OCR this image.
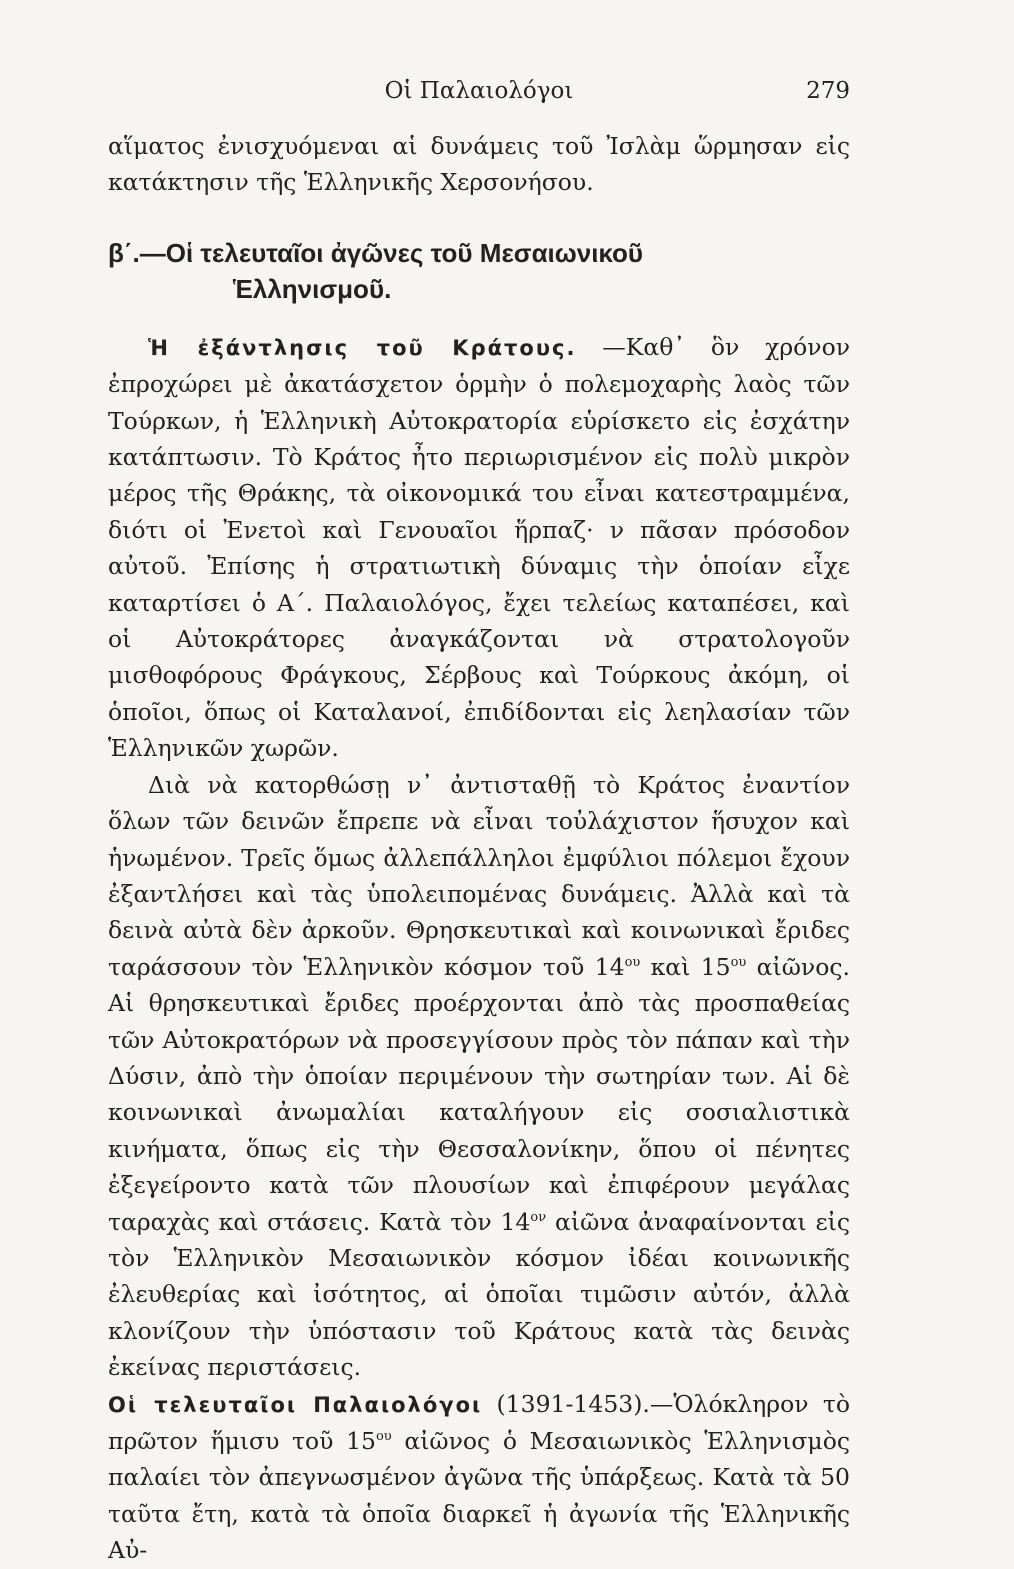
Οἱ Παλαιολόγοι	279

αἵματος ἐνισχυόμεναι αἱ δυνάμεις τοῦ Ἰσλὰμ ὥρμησαν εἰς κατάκτησιν τῆς Ἑλληνικῆς Χερσονήσου.

β΄.—Οἱ τελευταῖοι ἀγῶνες τοῦ Μεσαιωνικοῦ
Ἑλληνισμοῦ.

Ἡ ἐξάντλησις τοῦ Κράτους. —Καθ᾽ ὃν χρόνον ἐπροχώρει μὲ ἀκατάσχετον ὁρμὴν ὁ πολεμοχαρὴς λαὸς τῶν Τούρκων, ἡ Ἑλληνικὴ Αὐτοκρατορία εὑρίσκετο εἰς ἐσχάτην κατάπτωσιν. Τὸ Κράτος ἦτο περιωρισμένον εἰς πολὺ μικρὸν μέρος τῆς Θράκης, τὰ οἰκονομικά του εἶναι κατεστραμμένα, διότι οἱ Ἐνετοὶ καὶ Γενουαῖοι ἥρπαζ· ν πᾶσαν πρόσοδον αὐτοῦ. Ἐπίσης ἡ στρατιωτικὴ δύναμις τὴν ὁποίαν εἶχε καταρτίσει ὁ Α΄. Παλαιολόγος, ἔχει τελείως καταπέσει, καὶ οἱ Αὐτοκράτορες ἀναγκάζονται νὰ στρατολογοῦν μισθοφόρους Φράγκους, Σέρβους καὶ Τούρκους ἀκόμη, οἱ ὁποῖοι, ὅπως οἱ Καταλανοί, ἐπιδίδονται εἰς λεηλασίαν τῶν Ἑλληνικῶν χωρῶν.

Διὰ νὰ κατορθώσῃ ν᾽ ἀντισταθῇ τὸ Κράτος ἐναντίον ὅλων τῶν δεινῶν ἔπρεπε νὰ εἶναι τοὐλάχιστον ἥσυχον καὶ ἡνωμένον. Τρεῖς ὅμως ἀλλεπάλληλοι ἐμφύλιοι πόλεμοι ἔχουν ἐξαντλήσει καὶ τὰς ὑπολειπομένας δυνάμεις. Ἀλλὰ καὶ τὰ δεινὰ αὐτὰ δὲν ἀρκοῦν. Θρησκευτικαὶ καὶ κοινωνικαὶ ἔριδες ταράσσουν τὸν Ἑλληνικὸν κόσμον τοῦ $14^{o\upsilon}$ καὶ $15^{o\upsilon}$ αἰῶνος. Αἱ θρησκευτικαὶ ἔριδες προέρχονται ἀπὸ τὰς προσπαθείας τῶν Αὐτοκρατόρων νὰ προσεγγίσουν πρὸς τὸν πάπαν καὶ τὴν Δύσιν, ἀπὸ τὴν ὁποίαν περιμένουν τὴν σωτηρίαν των. Αἱ δὲ κοινωνικαὶ ἀνωμαλίαι καταλήγουν εἰς σοσιαλιστικὰ κινήματα, ὅπως εἰς τὴν Θεσσαλονίκην, ὅπου οἱ πένητες ἐξεγείροντο κατὰ τῶν πλουσίων καὶ ἐπιφέρουν μεγάλας ταραχὰς καὶ στάσεις. Κατὰ τὸν $14^{o\nu}$ αἰῶνα ἀναφαίνονται εἰς τὸν Ἑλληνικὸν Μεσαιωνικὸν κόσμον ἰδέαι κοινωνικῆς ἐλευθερίας καὶ ἰσότητος, αἱ ὁποῖαι τιμῶσιν αὐτόν, ἀλλὰ κλονίζουν τὴν ὑπόστασιν τοῦ Κράτους κατὰ τὰς δεινὰς ἐκείνας περιστάσεις.

Οἱ τελευταῖοι Παλαιολόγοι (1391-1453).—Ὁλόκληρον τὸ πρῶτον ἥμισυ τοῦ $15^{o\upsilon}$ αἰῶνος ὁ Μεσαιωνικὸς Ἑλληνισμὸς παλαίει τὸν ἀπεγνωσμένον ἀγῶνα τῆς ὑπάρξεως. Κατὰ τὰ 50 ταῦτα ἔτη, κατὰ τὰ ὁποῖα διαρκεῖ ἡ ἀγωνία τῆς Ἑλληνικῆς Αὐ-
